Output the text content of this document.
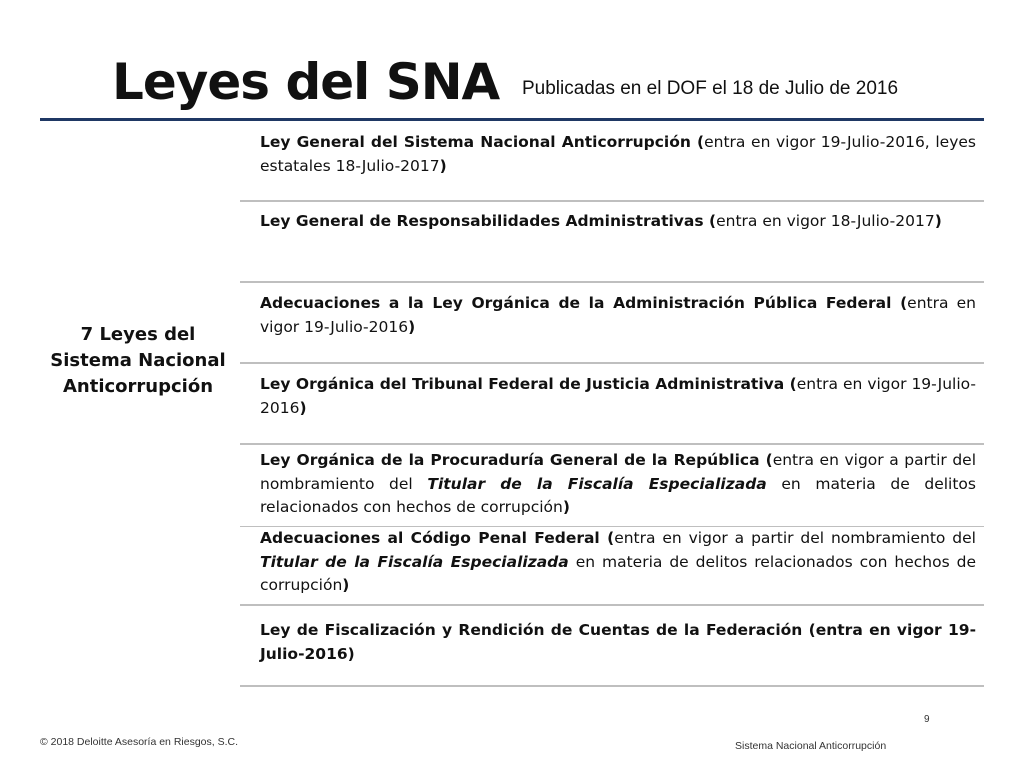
Leyes del SNA Publicadas en el DOF el 18 de Julio de 2016
7 Leyes del Sistema Nacional Anticorrupción
Ley General del Sistema Nacional Anticorrupción (entra en vigor 19-Julio-2016, leyes estatales 18-Julio-2017)
Ley General de Responsabilidades Administrativas (entra en vigor 18-Julio-2017)
Adecuaciones a la Ley Orgánica de la Administración Pública Federal (entra en vigor 19-Julio-2016)
Ley Orgánica del Tribunal Federal de Justicia Administrativa (entra en vigor 19-Julio-2016)
Ley Orgánica de la Procuraduría General de la República (entra en vigor a partir del nombramiento del Titular de la Fiscalía Especializada en materia de delitos relacionados con hechos de corrupción)
Adecuaciones al Código Penal Federal (entra en vigor a partir del nombramiento del Titular de la Fiscalía Especializada en materia de delitos relacionados con hechos de corrupción)
Ley de Fiscalización y Rendición de Cuentas de la Federación (entra en vigor 19-Julio-2016)
9
© 2018 Deloitte Asesoría en Riesgos, S.C.	Sistema Nacional Anticorrupción
